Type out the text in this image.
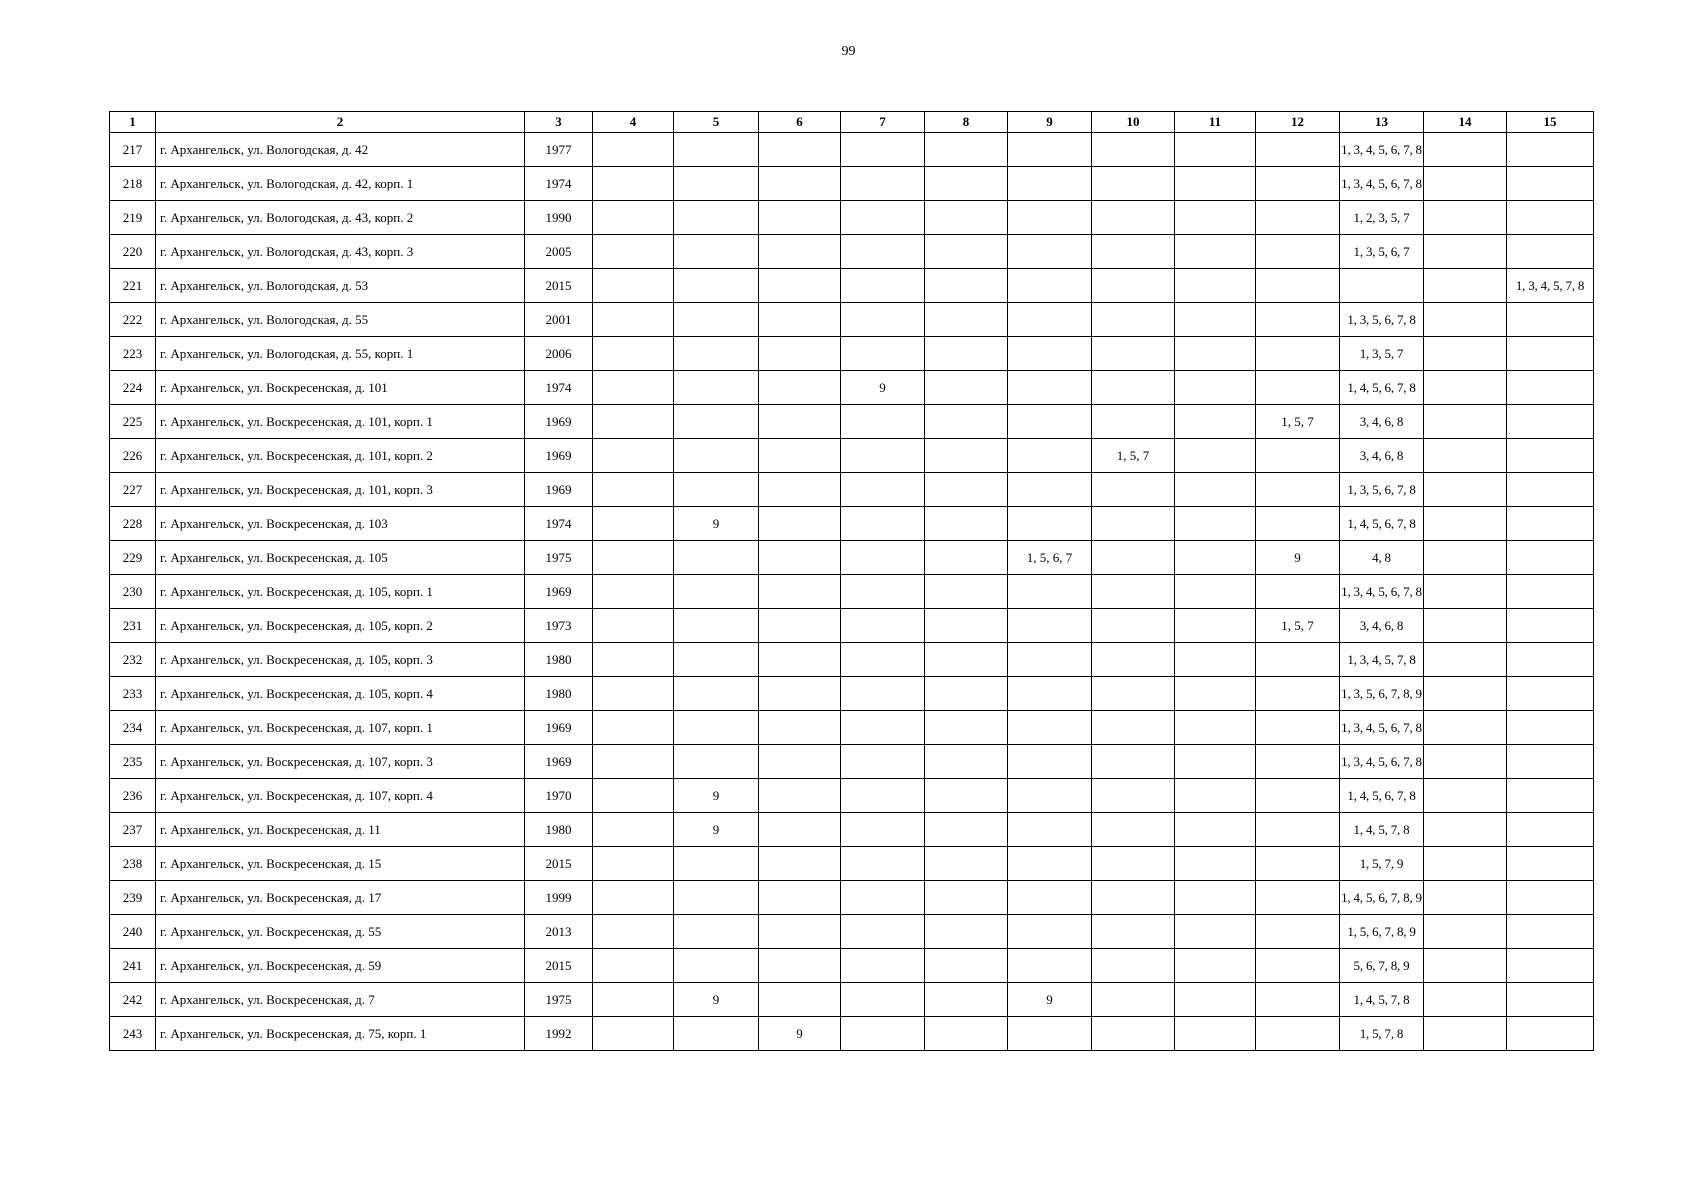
99
1	2	3	4	5	6	7	8	9	10	11	12	13	14	15
217	г. Архангельск, ул. Вологодская, д. 42	1977										1, 3, 4, 5, 6, 7, 8		
218	г. Архангельск, ул. Вологодская, д. 42, корп. 1	1974										1, 3, 4, 5, 6, 7, 8		
219	г. Архангельск, ул. Вологодская, д. 43, корп. 2	1990										1, 2, 3, 5, 7		
220	г. Архангельск, ул. Вологодская, д. 43, корп. 3	2005										1, 3, 5, 6, 7		
221	г. Архангельск, ул. Вологодская, д. 53	2015												1, 3, 4, 5, 7, 8
222	г. Архангельск, ул. Вологодская, д. 55	2001										1, 3, 5, 6, 7, 8		
223	г. Архангельск, ул. Вологодская, д. 55, корп. 1	2006										1, 3, 5, 7		
224	г. Архангельск, ул. Воскресенская, д. 101	1974				9						1, 4, 5, 6, 7, 8		
225	г. Архангельск, ул. Воскресенская, д. 101, корп. 1	1969									1, 5, 7	3, 4, 6, 8		
226	г. Архангельск, ул. Воскресенская, д. 101, корп. 2	1969							1, 5, 7			3, 4, 6, 8		
227	г. Архангельск, ул. Воскресенская, д. 101, корп. 3	1969										1, 3, 5, 6, 7, 8		
228	г. Архангельск, ул. Воскресенская, д. 103	1974		9								1, 4, 5, 6, 7, 8		
229	г. Архангельск, ул. Воскресенская, д. 105	1975						1, 5, 6, 7			9	4, 8		
230	г. Архангельск, ул. Воскресенская, д. 105, корп. 1	1969										1, 3, 4, 5, 6, 7, 8		
231	г. Архангельск, ул. Воскресенская, д. 105, корп. 2	1973									1, 5, 7	3, 4, 6, 8		
232	г. Архангельск, ул. Воскресенская, д. 105, корп. 3	1980										1, 3, 4, 5, 7, 8		
233	г. Архангельск, ул. Воскресенская, д. 105, корп. 4	1980										1, 3, 5, 6, 7, 8, 9		
234	г. Архангельск, ул. Воскресенская, д. 107, корп. 1	1969										1, 3, 4, 5, 6, 7, 8		
235	г. Архангельск, ул. Воскресенская, д. 107, корп. 3	1969										1, 3, 4, 5, 6, 7, 8		
236	г. Архангельск, ул. Воскресенская, д. 107, корп. 4	1970		9								1, 4, 5, 6, 7, 8		
237	г. Архангельск, ул. Воскресенская, д. 11	1980		9								1, 4, 5, 7, 8		
238	г. Архангельск, ул. Воскресенская, д. 15	2015										1, 5, 7, 9		
239	г. Архангельск, ул. Воскресенская, д. 17	1999										1, 4, 5, 6, 7, 8, 9		
240	г. Архангельск, ул. Воскресенская, д. 55	2013										1, 5, 6, 7, 8, 9		
241	г. Архангельск, ул. Воскресенская, д. 59	2015										5, 6, 7, 8, 9		
242	г. Архангельск, ул. Воскресенская, д. 7	1975		9				9				1, 4, 5, 7, 8		
243	г. Архангельск, ул. Воскресенская, д. 75, корп. 1	1992			9							1, 5, 7, 8		
